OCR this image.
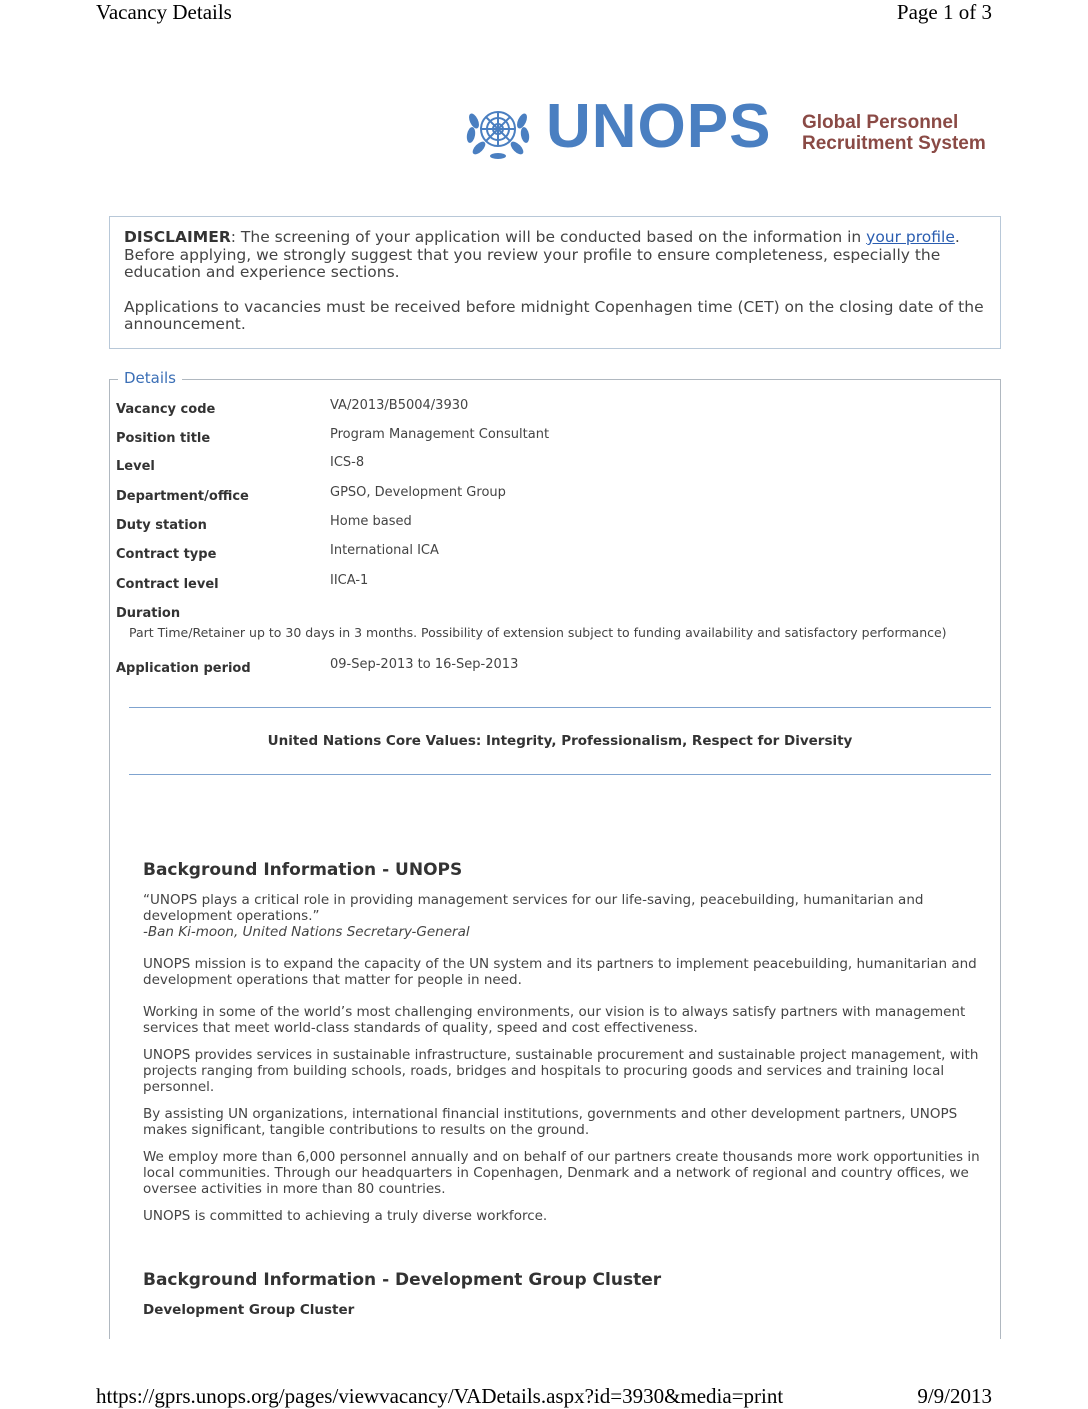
Vacancy Details	Page 1 of 3
https://gprs.unops.org/pages/viewvacancy/VADetails.aspx?id=3930&media=print	9/9/2013
UNOPS Global Personnel
Recruitment System

DISCLAIMER: The screening of your application will be conducted based on the information in your profile. Before applying, we strongly suggest that you review your profile to ensure completeness, especially the education and experience sections.

Applications to vacancies must be received before midnight Copenhagen time (CET) on the closing date of the announcement.

Details
Vacancy code	VA/2013/B5004/3930
Position title	Program Management Consultant
Level	ICS-8
Department/office	GPSO, Development Group
Duty station	Home based
Contract type	International ICA
Contract level	IICA-1
Duration
Part Time/Retainer up to 30 days in 3 months. Possibility of extension subject to funding availability and satisfactory performance)
Application period	09-Sep-2013 to 16-Sep-2013
United Nations Core Values: Integrity, Professionalism, Respect for Diversity
Background Information - UNOPS

“UNOPS plays a critical role in providing management services for our life-saving, peacebuilding, humanitarian and development operations.”

-Ban Ki-moon, United Nations Secretary-General

UNOPS mission is to expand the capacity of the UN system and its partners to implement peacebuilding, humanitarian and development operations that matter for people in need.

Working in some of the world’s most challenging environments, our vision is to always satisfy partners with management services that meet world-class standards of quality, speed and cost effectiveness.

UNOPS provides services in sustainable infrastructure, sustainable procurement and sustainable project management, with projects ranging from building schools, roads, bridges and hospitals to procuring goods and services and training local personnel.

By assisting UN organizations, international financial institutions, governments and other development partners, UNOPS makes significant, tangible contributions to results on the ground.

We employ more than 6,000 personnel annually and on behalf of our partners create thousands more work opportunities in local communities. Through our headquarters in Copenhagen, Denmark and a network of regional and country offices, we oversee activities in more than 80 countries.

UNOPS is committed to achieving a truly diverse workforce.

Background Information - Development Group Cluster

Development Group Cluster
